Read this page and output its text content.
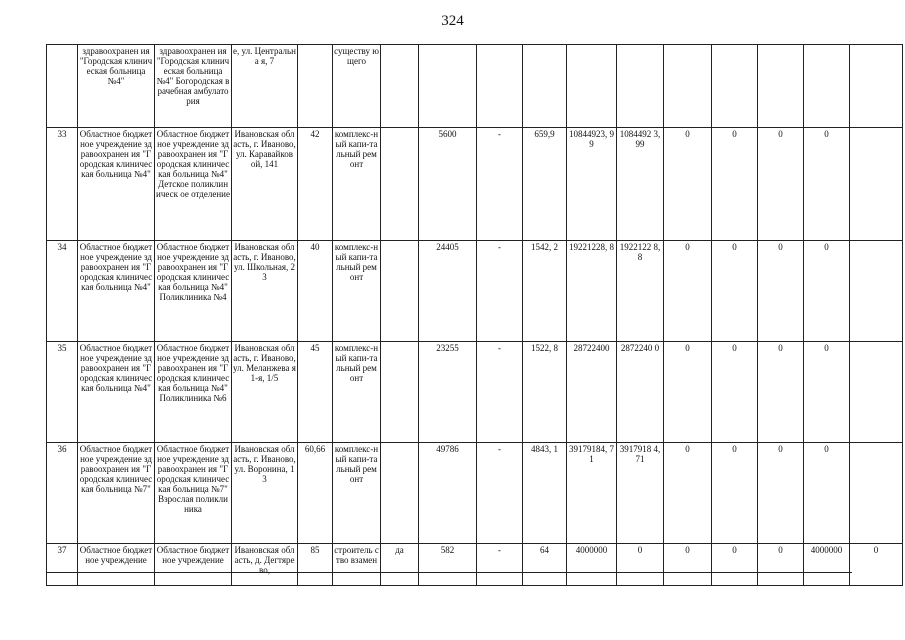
324
	здравоохранен ия "Городская клиническая больница №4"	здравоохранен ия "Городская клиническая больница №4" Богородская врачебная амбулатория	е, ул. Центральна я, 7		существу ющего											
33	Областное бюджетное учреждение здравоохранен ия "Городская клиническая больница №4"	Областное бюджетное учреждение здравоохранен ия "Городская клиническая больница №4" Детское поликлиническ ое отделение	Ивановская область, г. Иваново, ул. Каравайков ой, 141	42	комплекс-ный капи-тальный ремонт		5600	-	659,9	10844923, 99	1084492 3,99	0	0	0	0	
34	Областное бюджетное учреждение здравоохранен ия "Городская клиническая больница №4"	Областное бюджетное учреждение здравоохранен ия "Городская клиническая больница №4" Поликлиника №4	Ивановская область, г. Иваново, ул. Школьная, 23	40	комплекс-ный капи-тальный ремонт		24405	-	1542, 2	19221228, 8	1922122 8,8	0	0	0	0	
35	Областное бюджетное учреждение здравоохранен ия "Городская клиническая больница №4"	Областное бюджетное учреждение здравоохранен ия "Городская клиническая больница №4" Поликлиника №6	Ивановская область, г. Иваново, ул. Меланжева я 1-я, 1/5	45	комплекс-ный капи-тальный ремонт		23255	-	1522, 8	28722400	2872240 0	0	0	0	0	
36	Областное бюджетное учреждение здравоохранен ия "Городская клиническая больница №7"	Областное бюджетное учреждение здравоохранен ия "Городская клиническая больница №7" Взрослая поликлиника	Ивановская область, г. Иваново, ул. Воронина, 13	60,66	комплекс-ный капи-тальный ремонт		49786	-	4843, 1	39179184, 71	3917918 4,71	0	0	0	0	
37	Областное бюджетное учреждение	Областное бюджетное учреждение	Ивановская область, д. Дегтярево,	85	строитель ство взамен	да	582	-	64	4000000	0	0	0	0	4000000	0
